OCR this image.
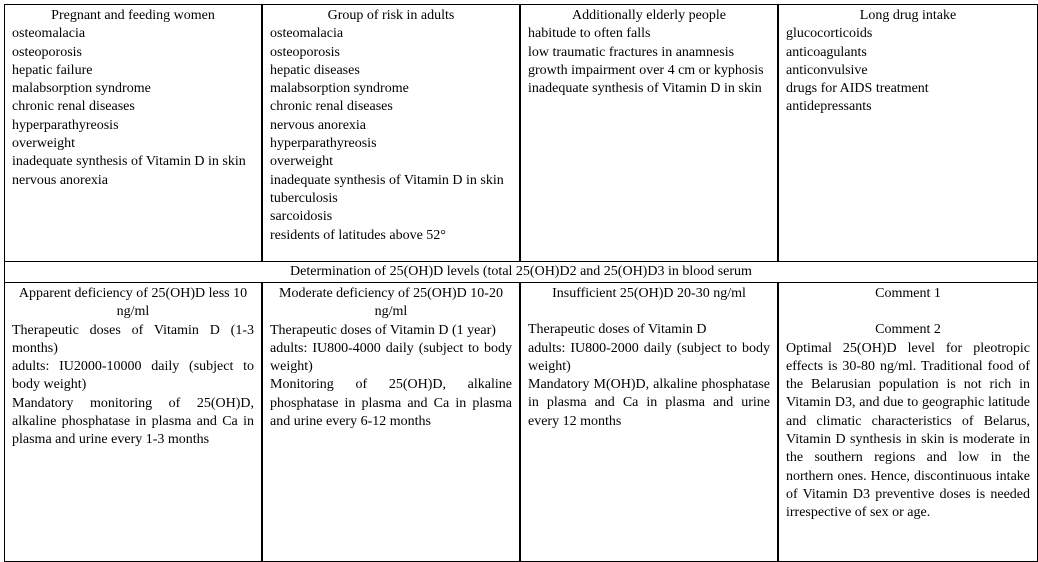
Pregnant and feeding women
osteomalacia
osteoporosis
hepatic failure
malabsorption syndrome
chronic renal diseases
hyperparathyreosis
overweight
inadequate synthesis of Vitamin D in skin
nervous anorexia
Group of risk in adults
osteomalacia
osteoporosis
hepatic diseases
malabsorption syndrome
chronic renal diseases
nervous anorexia
hyperparathyreosis
overweight
inadequate synthesis of Vitamin D in skin
tuberculosis
sarcoidosis
residents of latitudes above 52°
Additionally elderly people
habitude to often falls
low traumatic fractures in anamnesis
growth impairment over 4 cm or kyphosis
inadequate synthesis of Vitamin D in skin
Long drug intake
glucocorticoids
anticoagulants
anticonvulsive
drugs for AIDS treatment
antidepressants
Determination of 25(OH)D levels (total 25(OH)D2 and 25(OH)D3 in blood serum
Apparent deficiency of 25(OH)D less 10 ng/ml
Therapeutic doses of Vitamin D (1-3 months)
adults: IU2000-10000 daily (subject to body weight)
Mandatory monitoring of 25(OH)D, alkaline phosphatase in plasma and Ca in plasma and urine every 1-3 months
Moderate deficiency of 25(OH)D 10-20 ng/ml
Therapeutic doses of Vitamin D (1 year)
adults: IU800-4000 daily (subject to body weight)
Monitoring of 25(OH)D, alkaline phosphatase in plasma and Ca in plasma and urine every 6-12 months
Insufficient 25(OH)D 20-30 ng/ml
Therapeutic doses of Vitamin D
adults: IU800-2000 daily (subject to body weight)
Mandatory M(OH)D, alkaline phosphatase in plasma and Ca in plasma and urine every 12 months
Comment 1
Comment 2
Optimal 25(OH)D level for pleotropic effects is 30-80 ng/ml. Traditional food of the Belarusian population is not rich in Vitamin D3, and due to geographic latitude and climatic characteristics of Belarus, Vitamin D synthesis in skin is moderate in the southern regions and low in the northern ones. Hence, discontinuous intake of Vitamin D3 preventive doses is needed irrespective of sex or age.
